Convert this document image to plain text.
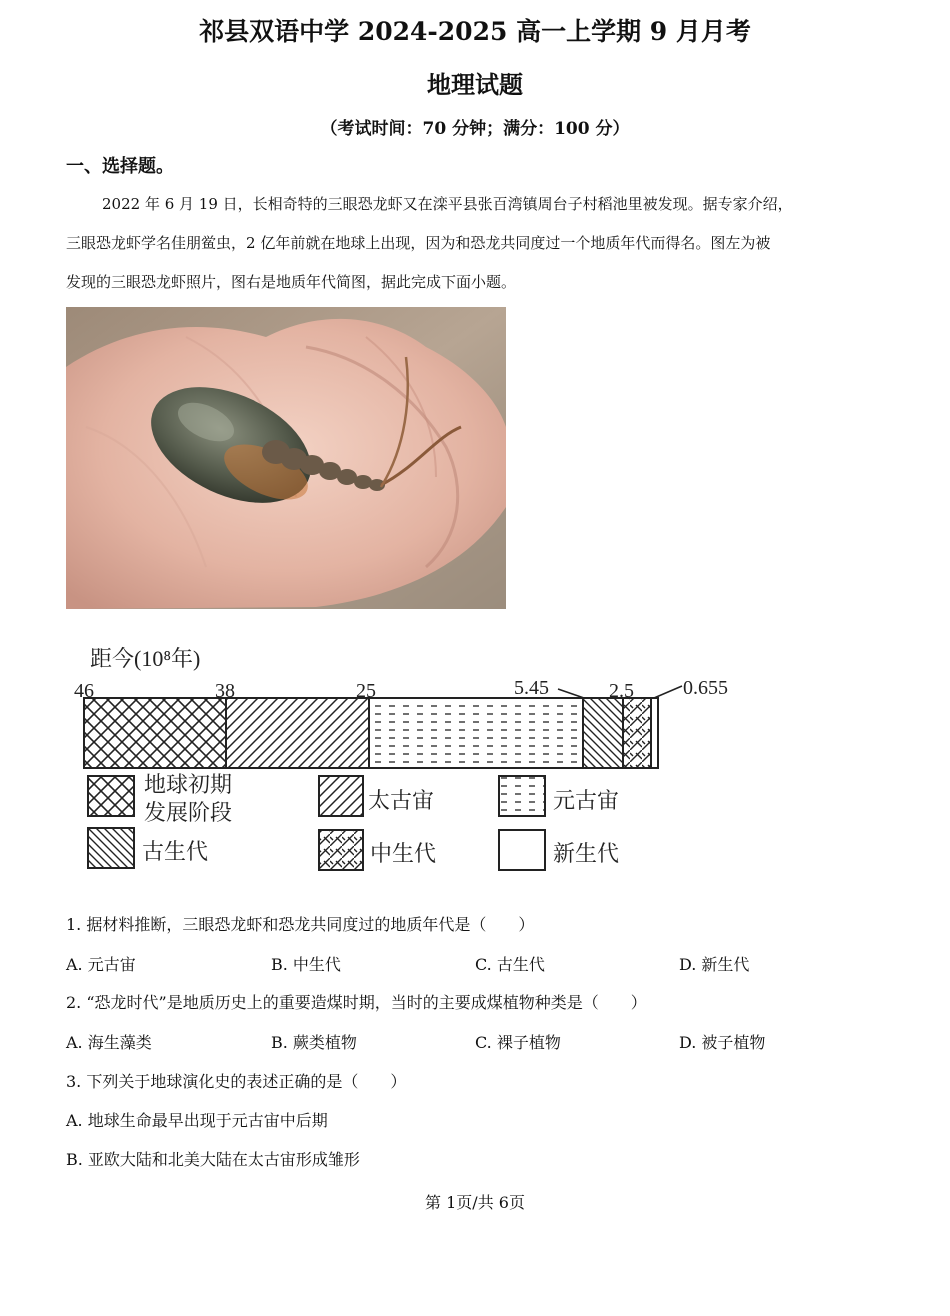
祁县双语中学 2024-2025 高一上学期 9 月月考
地理试题
（考试时间：70 分钟；满分：100 分）
一、选择题。
2022 年 6 月 19 日，长相奇特的三眼恐龙虾又在滦平县张百湾镇周台子村稻池里被发现。据专家介绍，
三眼恐龙虾学名佳朋鲎虫，2 亿年前就在地球上出现，因为和恐龙共同度过一个地质年代而得名。图左为被
发现的三眼恐龙虾照片，图右是地质年代简图，据此完成下面小题。
距今(10⁸年)
46	38	25	5.45	2.5 0.655
地球初期
发展阶段	太古宙	元古宙
古生代	中生代	新生代
1. 据材料推断，三眼恐龙虾和恐龙共同度过的地质年代是（　　）
A. 元古宙	B. 中生代	C. 古生代	D. 新生代
2. “恐龙时代”是地质历史上的重要造煤时期，当时的主要成煤植物种类是（　　）
A. 海生藻类	B. 蕨类植物	C. 裸子植物	D. 被子植物
3. 下列关于地球演化史的表述正确的是（　　）
A. 地球生命最早出现于元古宙中后期
B. 亚欧大陆和北美大陆在太古宙形成雏形
第 1页/共 6页
